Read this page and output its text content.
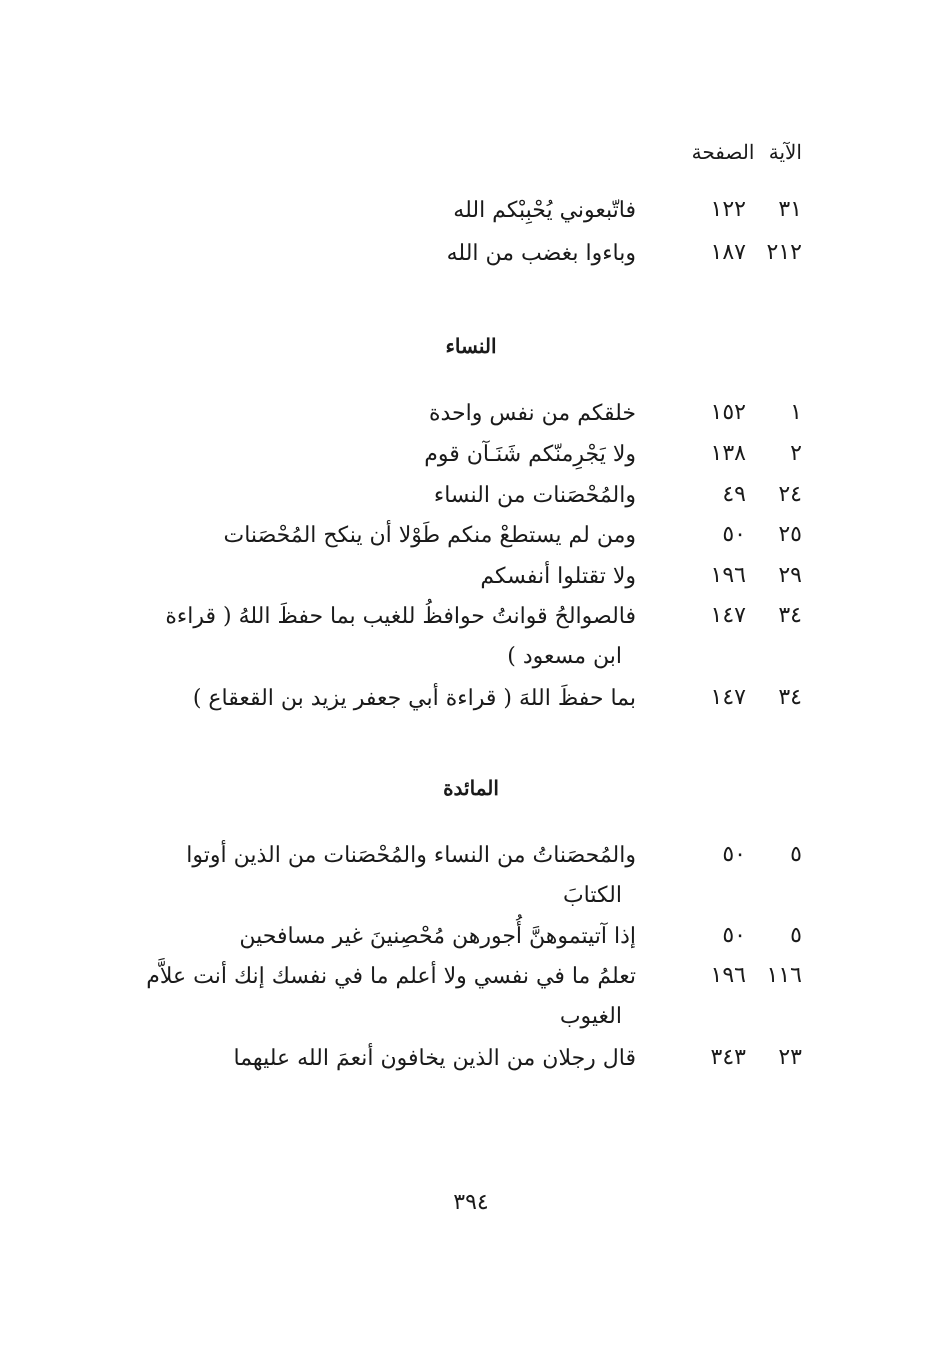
الآية الصفحة
٣١
١٢٢
فاتّبعوني يُحْبِبْكم الله
٢١٢
١٨٧
وباءوا بغضب من الله
النساء
١
١٥٢
خلقكم من نفس واحدة
٢
١٣٨
ولا يَجْرِمنّكم شَنَـآن قوم
٢٤
٤٩
والمُحْصَنات من النساء
٢٥
٥٠
ومن لم يستطعْ منكم طَوْلا أن ينكح المُحْصَنات
٢٩
١٩٦
ولا تقتلوا أنفسكم
٣٤
١٤٧
فالصوالحُ قوانتُ حوافظُ للغيب بما حفظَ اللهُ ( قراءة
ابن مسعود )
٣٤
١٤٧
بما حفظَ اللهَ ( قراءة أبي جعفر يزيد بن القعقاع )
المائدة
٥
٥٠
والمُحصَناتُ من النساء والمُحْصَنات من الذين أوتوا
الكتابَ
٥
٥٠
إذا آتيتموهنَّ أُجورهن مُحْصِنينَ غير مسافحين
١١٦
١٩٦
تعلمُ ما في نفسي ولا أعلم ما في نفسك إنك أنت علاَّم
الغيوب
٢٣
٣٤٣
قال رجلان من الذين يخافون أنعمَ الله عليهما
٣٩٤
